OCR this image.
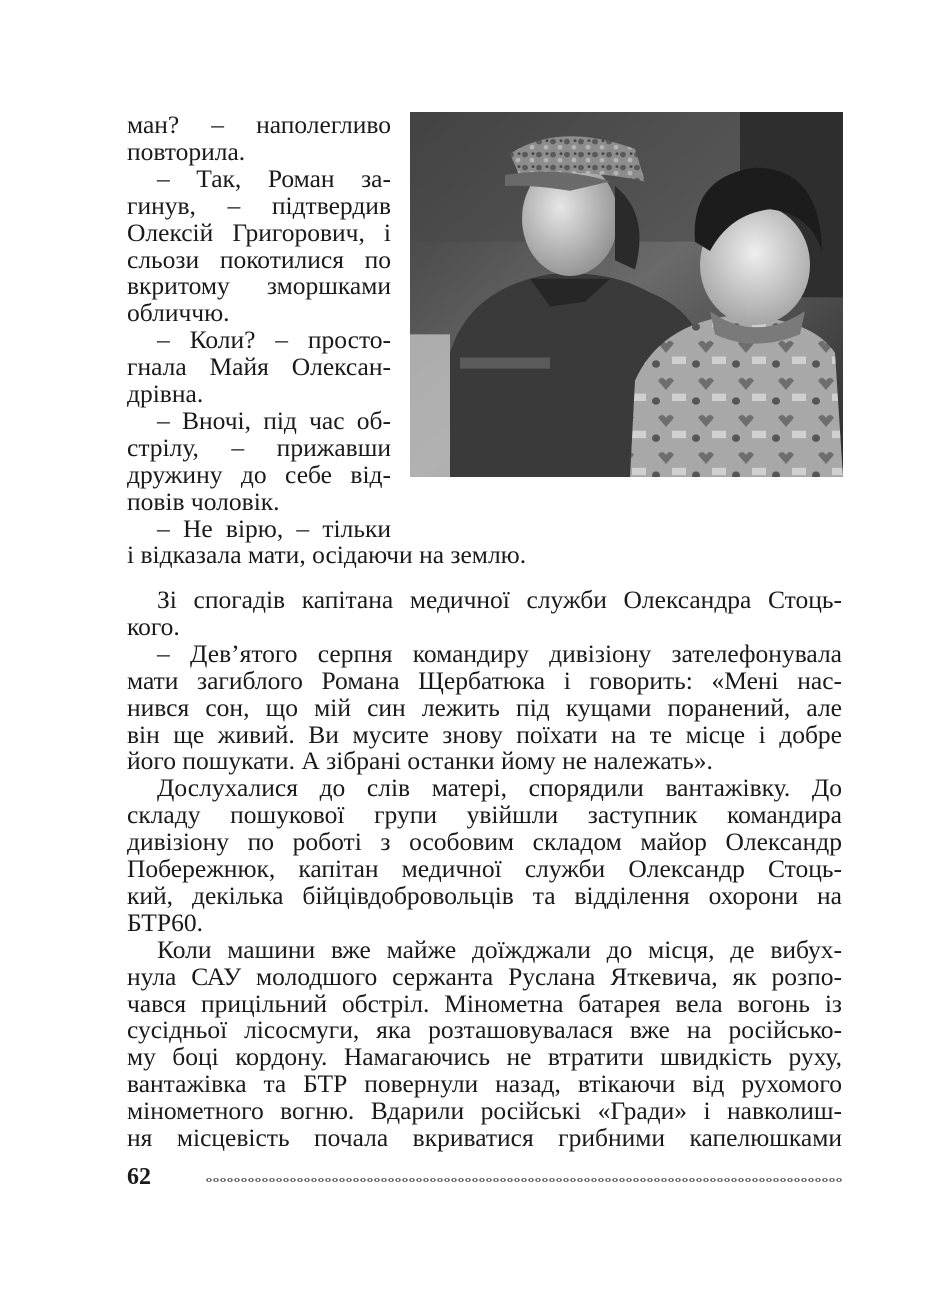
ман? – наполегливо
повторила.
– Так, Роман за-
гинув, – підтвердив
Олексій Григорович, і
сльози покотилися по
вкритому зморшками
обличчю.
– Коли? – просто-
гнала Майя Олексан-
дрівна.
– Вночі, під час об-
стрілу, – прижавши
дружину до себе від-
повів чоловік.
– Не вірю, – тільки
і відказала мати, осідаючи на землю.
Зі спогадів капітана медичної служби Олександра Стоць-
кого.
– Дев’ятого серпня командиру дивізіону зателефонувала
мати загиблого Романа Щербатюка і говорить: «Мені нас-
нився сон, що мій син лежить під кущами поранений, але
він ще живий. Ви мусите знову поїхати на те місце і добре
його пошукати. А зібрані останки йому не належать».
Дослухалися до слів матері, спорядили вантажівку. До
складу пошукової групи увійшли заступник командира
дивізіону по роботі з особовим складом майор Олександр
Побережнюк, капітан медичної служби Олександр Стоць-
кий, декілька бійцівдобровольців та відділення охорони на
БТР60.
Коли машини вже майже доїжджали до місця, де вибух-
нула САУ молодшого сержанта Руслана Яткевича, як розпо-
чався прицільний обстріл. Мінометна батарея вела вогонь із
сусідньої лісосмуги, яка розташовувалася вже на російсько-
му боці кордону. Намагаючись не втратити швидкість руху,
вантажівка та БТР повернули назад, втікаючи від рухомого
мінометного вогню. Вдарили російські «Гради» і навколиш-
ня місцевість почала вкриватися грибними капелюшками
62
